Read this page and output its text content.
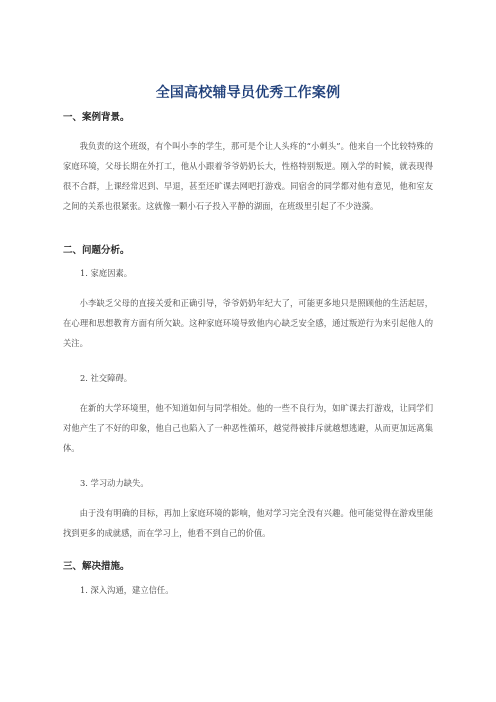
全国高校辅导员优秀工作案例
一、案例背景。

我负责的这个班级，有个叫小李的学生，那可是个让人头疼的“小刺头”。他来自一个比较特殊的家庭环境，父母长期在外打工，他从小跟着爷爷奶奶长大，性格特别叛逆。刚入学的时候，就表现得很不合群，上课经常迟到、早退，甚至还旷课去网吧打游戏。同宿舍的同学都对他有意见，他和室友之间的关系也很紧张。这就像一颗小石子投入平静的湖面，在班级里引起了不少涟漪。

二、问题分析。
1. 家庭因素。

小李缺乏父母的直接关爱和正确引导，爷爷奶奶年纪大了，可能更多地只是照顾他的生活起居，在心理和思想教育方面有所欠缺。这种家庭环境导致他内心缺乏安全感，通过叛逆行为来引起他人的关注。

2. 社交障碍。

在新的大学环境里，他不知道如何与同学相处。他的一些不良行为，如旷课去打游戏，让同学们对他产生了不好的印象，他自己也陷入了一种恶性循环，越觉得被排斥就越想逃避，从而更加远离集体。

3. 学习动力缺失。

由于没有明确的目标，再加上家庭环境的影响，他对学习完全没有兴趣。他可能觉得在游戏里能找到更多的成就感，而在学习上，他看不到自己的价值。

三、解决措施。
1. 深入沟通，建立信任。
